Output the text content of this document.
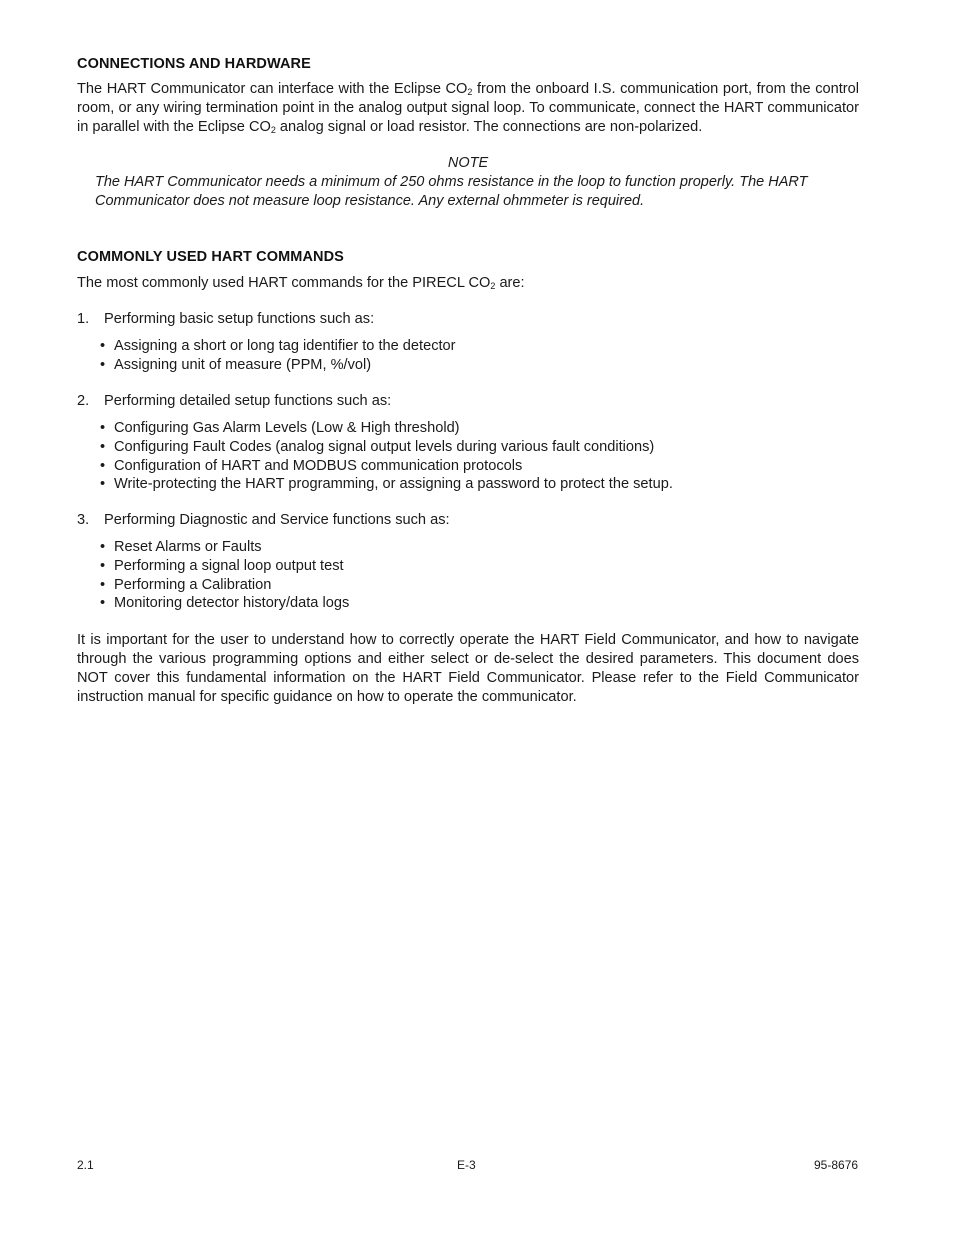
CONNECTIONS AND HARDWARE

The HART Communicator can interface with the Eclipse $CO_2$ from the onboard I.S. communication port, from the control room, or any wiring termination point in the analog output signal loop. To communicate, connect the HART communicator in parallel with the Eclipse $CO_2$ analog signal or load resistor. The connections are non-polarized.

NOTE

The HART Communicator needs a minimum of 250 ohms resistance in the loop to function properly. The HART Communicator does not measure loop resistance. Any external ohmmeter is required.

COMMONLY USED HART COMMANDS

The most commonly used HART commands for the PIRECL $CO_2$ are:

1. Performing basic setup functions such as:

• Assigning a short or long tag identifier to the detector
• Assigning unit of measure (PPM, %/vol)

2. Performing detailed setup functions such as:

• Configuring Gas Alarm Levels (Low & High threshold)
• Configuring Fault Codes (analog signal output levels during various fault conditions)
• Configuration of HART and MODBUS communication protocols
• Write-protecting the HART programming, or assigning a password to protect the setup.

3. Performing Diagnostic and Service functions such as:

• Reset Alarms or Faults
• Performing a signal loop output test
• Performing a Calibration
• Monitoring detector history/data logs

It is important for the user to understand how to correctly operate the HART Field Communicator, and how to navigate through the various programming options and either select or de-select the desired parameters. This document does NOT cover this fundamental information on the HART Field Communicator. Please refer to the Field Communicator instruction manual for specific guidance on how to operate the communicator.

2.1	E-3	95-8676
